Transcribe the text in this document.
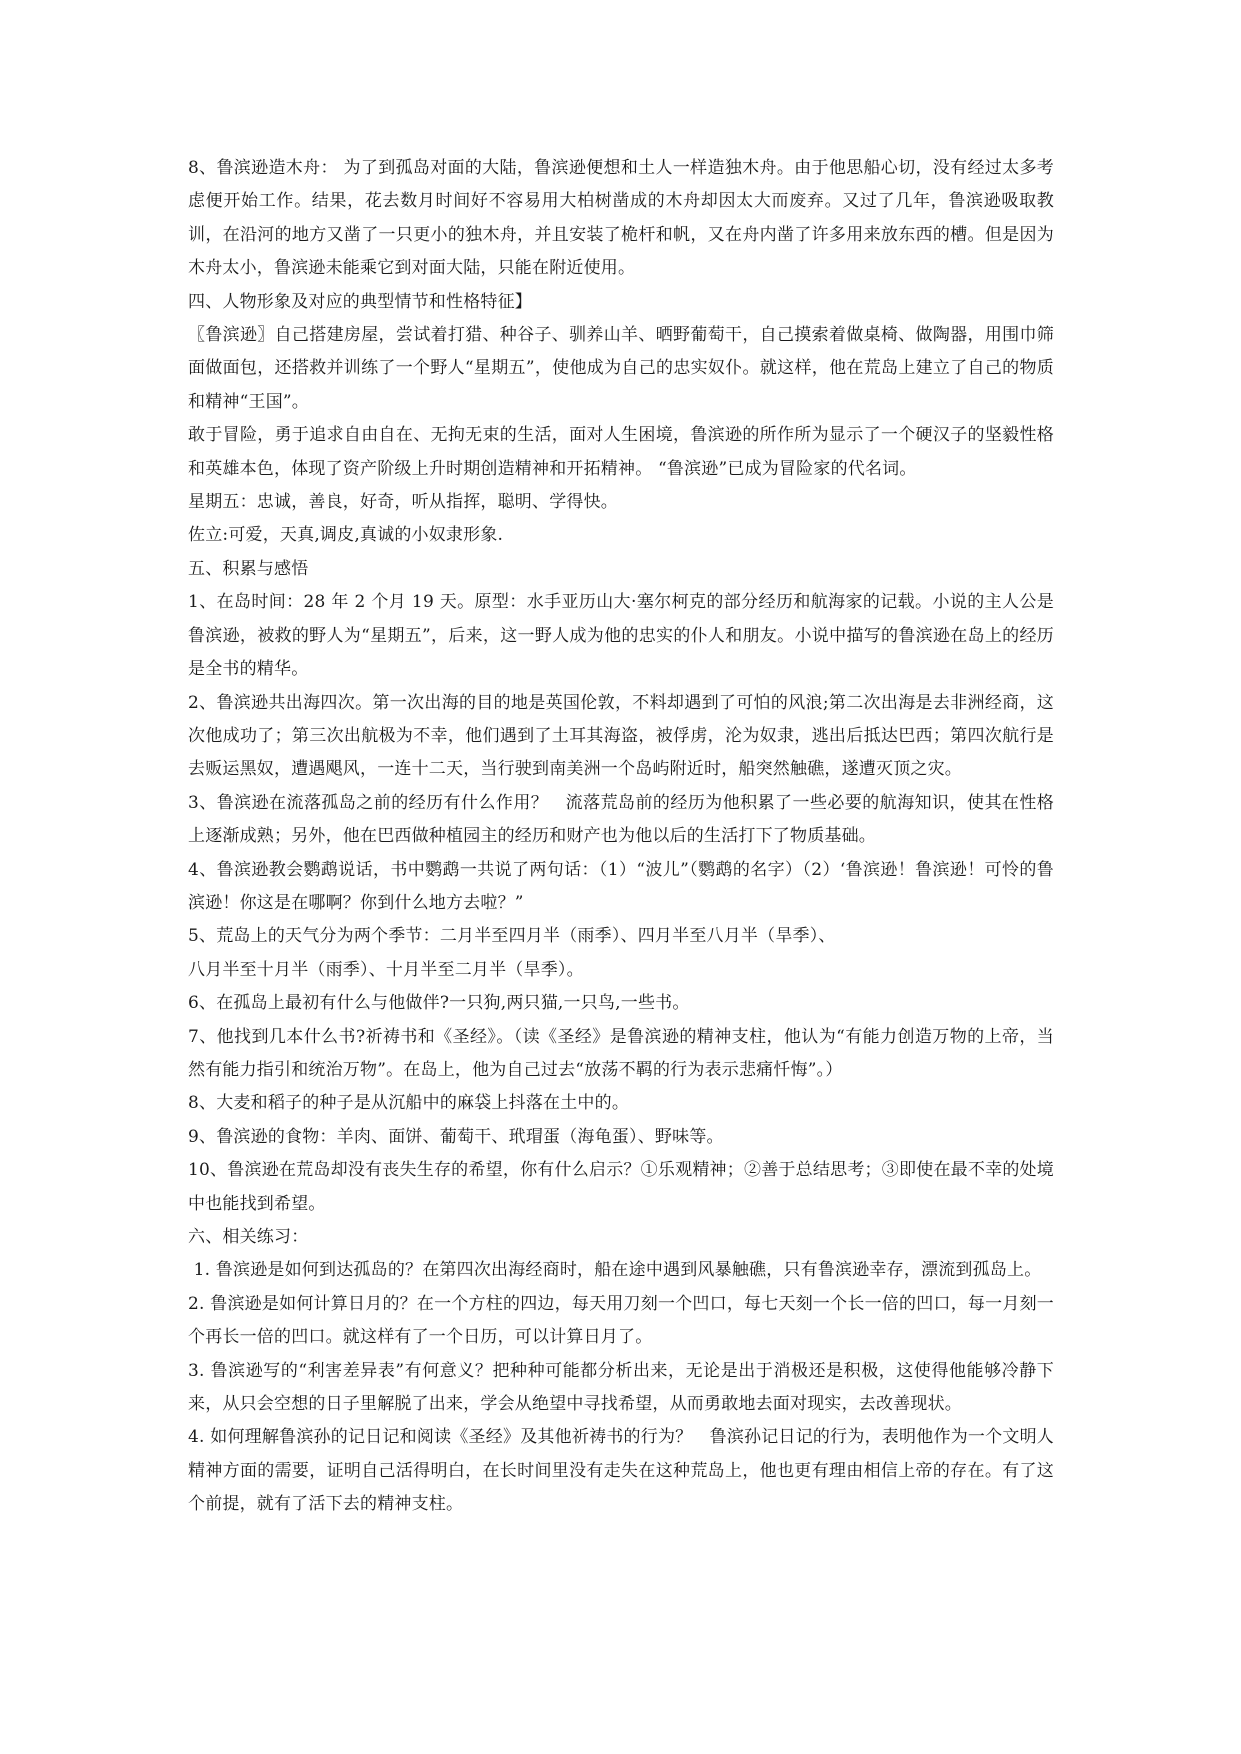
8、鲁滨逊造木舟： 为了到孤岛对面的大陆，鲁滨逊便想和土人一样造独木舟。由于他思船心切，没有经过太多考虑便开始工作。结果，花去数月时间好不容易用大柏树凿成的木舟却因太大而废弃。又过了几年，鲁滨逊吸取教训，在沿河的地方又凿了一只更小的独木舟，并且安装了桅杆和帆，又在舟内凿了许多用来放东西的槽。但是因为木舟太小，鲁滨逊未能乘它到对面大陆，只能在附近使用。

四、人物形象及对应的典型情节和性格特征】

〖鲁滨逊〗自己搭建房屋，尝试着打猎、种谷子、驯养山羊、晒野葡萄干，自己摸索着做桌椅、做陶器，用围巾筛面做面包，还搭救并训练了一个野人“星期五”，使他成为自己的忠实奴仆。就这样，他在荒岛上建立了自己的物质和精神“王国”。

敢于冒险，勇于追求自由自在、无拘无束的生活，面对人生困境，鲁滨逊的所作所为显示了一个硬汉子的坚毅性格和英雄本色，体现了资产阶级上升时期创造精神和开拓精神。 “鲁滨逊”已成为冒险家的代名词。

星期五：忠诚，善良，好奇，听从指挥，聪明、学得快。

佐立:可爱，天真,调皮,真诚的小奴隶形象.

五、积累与感悟

1、在岛时间：28 年 2 个月 19 天。原型：水手亚历山大·塞尔柯克的部分经历和航海家的记载。小说的主人公是鲁滨逊，被救的野人为“星期五”，后来，这一野人成为他的忠实的仆人和朋友。小说中描写的鲁滨逊在岛上的经历是全书的精华。

2、鲁滨逊共出海四次。第一次出海的目的地是英国伦敦，不料却遇到了可怕的风浪;第二次出海是去非洲经商，这次他成功了；第三次出航极为不幸，他们遇到了土耳其海盗，被俘虏，沦为奴隶，逃出后抵达巴西；第四次航行是去贩运黑奴，遭遇飓风，一连十二天，当行驶到南美洲一个岛屿附近时，船突然触礁，遂遭灭顶之灾。

3、鲁滨逊在流落孤岛之前的经历有什么作用？　流落荒岛前的经历为他积累了一些必要的航海知识，使其在性格上逐渐成熟；另外，他在巴西做种植园主的经历和财产也为他以后的生活打下了物质基础。

4、鲁滨逊教会鹦鹉说话，书中鹦鹉一共说了两句话：（1）“波儿”（鹦鹉的名字）（2）‘鲁滨逊！鲁滨逊！可怜的鲁滨逊！你这是在哪啊？你到什么地方去啦？”

5、荒岛上的天气分为两个季节：二月半至四月半（雨季）、四月半至八月半（旱季）、

八月半至十月半（雨季）、十月半至二月半（旱季）。

6、在孤岛上最初有什么与他做伴?一只狗,两只猫,一只鸟,一些书。

7、他找到几本什么书?祈祷书和《圣经》。（读《圣经》是鲁滨逊的精神支柱，他认为“有能力创造万物的上帝，当然有能力指引和统治万物”。在岛上，他为自己过去“放荡不羁的行为表示悲痛忏悔”。）

8、大麦和稻子的种子是从沉船中的麻袋上抖落在土中的。

9、鲁滨逊的食物：羊肉、面饼、葡萄干、玳瑁蛋（海龟蛋）、野味等。

10、鲁滨逊在荒岛却没有丧失生存的希望，你有什么启示？①乐观精神；②善于总结思考；③即使在最不幸的处境中也能找到希望。

六、相关练习：

1. 鲁滨逊是如何到达孤岛的？在第四次出海经商时，船在途中遇到风暴触礁，只有鲁滨逊幸存，漂流到孤岛上。

2. 鲁滨逊是如何计算日月的？在一个方柱的四边，每天用刀刻一个凹口，每七天刻一个长一倍的凹口，每一月刻一个再长一倍的凹口。就这样有了一个日历，可以计算日月了。

3. 鲁滨逊写的“利害差异表”有何意义？把种种可能都分析出来，无论是出于消极还是积极，这使得他能够冷静下来，从只会空想的日子里解脱了出来，学会从绝望中寻找希望，从而勇敢地去面对现实，去改善现状。

4. 如何理解鲁滨孙的记日记和阅读《圣经》及其他祈祷书的行为？　鲁滨孙记日记的行为，表明他作为一个文明人精神方面的需要，证明自己活得明白，在长时间里没有走失在这种荒岛上，他也更有理由相信上帝的存在。有了这个前提，就有了活下去的精神支柱。
